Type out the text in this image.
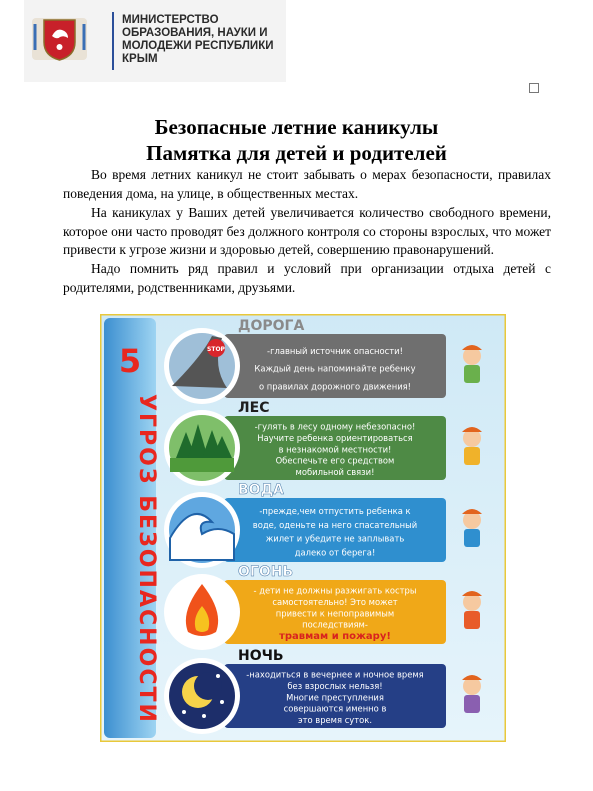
МИНИСТЕРСТВО
ОБРАЗОВАНИЯ, НАУКИ И
МОЛОДЕЖИ РЕСПУБЛИКИ
КРЫМ
Безопасные летние каникулы
Памятка для детей и родителей

Во время летних каникул не стоит забывать о мерах безопасности, правилах поведения дома, на улице, в общественных местах.

На каникулах у Ваших детей увеличивается количество свободного времени, которое они часто проводят без должного контроля со стороны взрослых, что может привести к угрозе жизни и здоровью детей, совершению правонарушений.

Надо помнить ряд правил и условий при организации отдыха детей с родителями, родственниками, друзьями.

5
УГРОЗ БЕЗОПАСНОСТИ
ДОРОГА
STOP	-главный источник опасности!
Каждый день напоминайте ребенку
о правилах дорожного движения!
ЛЕС
-гулять в лесу одному небезопасно!
Научите ребенка ориентироваться
в незнакомой местности!
Обеспечьте его средством
мобильной связи!
ВОДА
-прежде,чем отпустить ребенка к
воде, оденьте на него спасательный
жилет и убедите не заплывать
далеко от берега!
ОГОНЬ
- дети не должны разжигать костры
самостоятельно! Это может
привести к непоправимым
последствиям-
травмам и пожару!
НОЧЬ
-находиться в вечернее и ночное время
без взрослых нельзя!
Многие преступления
совершаются именно в
это время суток.
